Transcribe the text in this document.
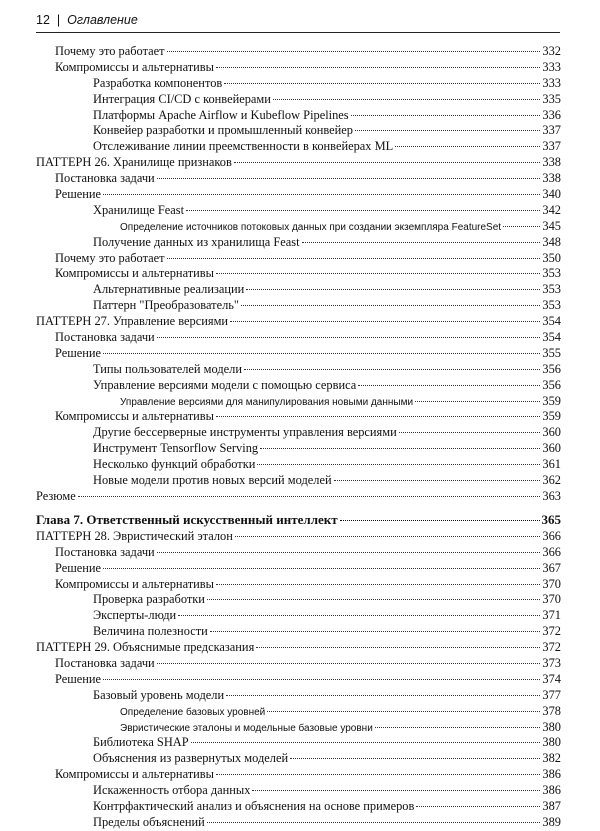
12 | Оглавление
Почему это работает	332
Компромиссы и альтернативы	333
Разработка компонентов	333
Интеграция CI/CD с конвейерами	335
Платформы Apache Airflow и Kubeflow Pipelines	336
Конвейер разработки и промышленный конвейер	337
Отслеживание линии преемственности в конвейерах ML	337
ПАТТЕРН 26. Хранилище признаков	338
Постановка задачи	338
Решение	340
Хранилище Feast	342
Определение источников потоковых данных при создании экземпляра FeatureSet	345
Получение данных из хранилища Feast	348
Почему это работает	350
Компромиссы и альтернативы	353
Альтернативные реализации	353
Паттерн "Преобразователь"	353
ПАТТЕРН 27. Управление версиями	354
Постановка задачи	354
Решение	355
Типы пользователей модели	356
Управление версиями модели с помощью сервиса	356
Управление версиями для манипулирования новыми данными	359
Компромиссы и альтернативы	359
Другие бессерверные инструменты управления версиями	360
Инструмент Tensorflow Serving	360
Несколько функций обработки	361
Новые модели против новых версий моделей	362
Резюме	363
Глава 7. Ответственный искусственный интеллект	365
ПАТТЕРН 28. Эвристический эталон	366
Постановка задачи	366
Решение	367
Компромиссы и альтернативы	370
Проверка разработки	370
Эксперты-люди	371
Величина полезности	372
ПАТТЕРН 29. Объяснимые предсказания	372
Постановка задачи	373
Решение	374
Базовый уровень модели	377
Определение базовых уровней	378
Эвристические эталоны и модельные базовые уровни	380
Библиотека SHAP	380
Объяснения из развернутых моделей	382
Компромиссы и альтернативы	386
Искаженность отбора данных	386
Контрфактический анализ и объяснения на основе примеров	387
Пределы объяснений	389
